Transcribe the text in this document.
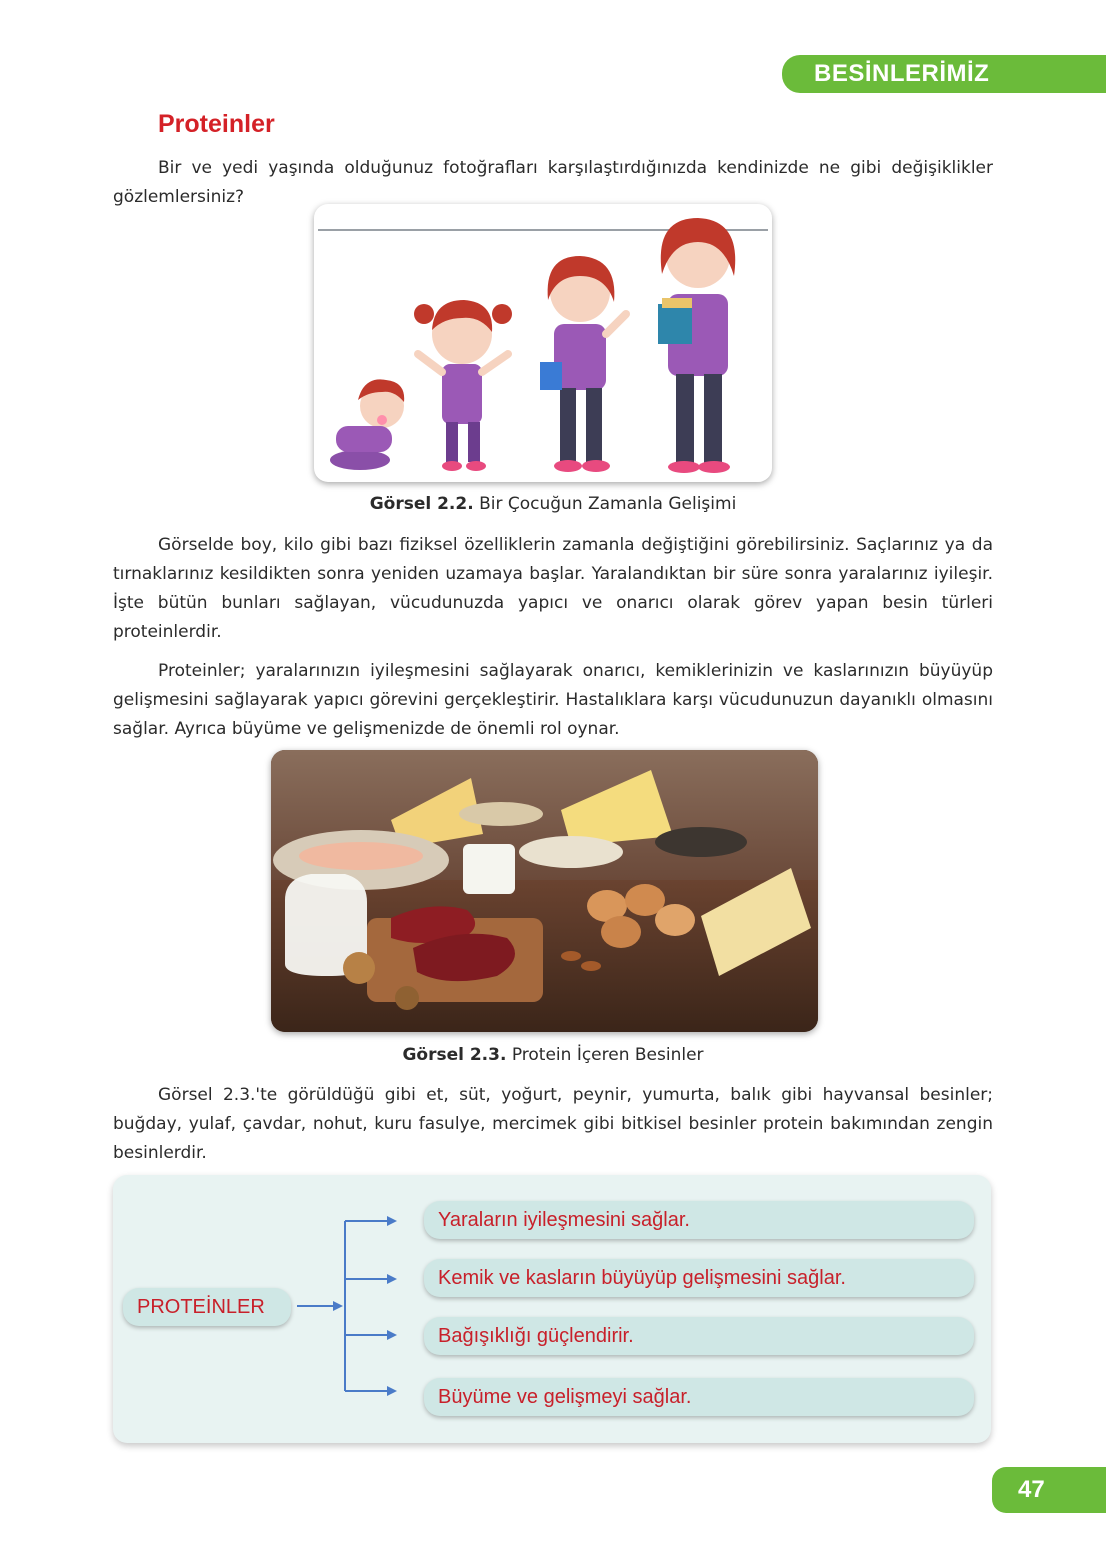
BESİNLERİMİZ
Proteinler

Bir ve yedi yaşında olduğunuz fotoğrafları karşılaştırdığınızda kendinizde ne gibi değişiklikler gözlemlersiniz?

Görsel 2.2. Bir Çocuğun Zamanla Gelişimi

Görselde boy, kilo gibi bazı fiziksel özelliklerin zamanla değiştiğini görebilirsiniz. Saçlarınız ya da tırnaklarınız kesildikten sonra yeniden uzamaya başlar. Yaralandıktan bir süre sonra yaralarınız iyileşir. İşte bütün bunları sağlayan, vücudunuzda yapıcı ve onarıcı olarak görev yapan besin türleri proteinlerdir.

Proteinler; yaralarınızın iyileşmesini sağlayarak onarıcı, kemiklerinizin ve kaslarınızın büyüyüp gelişmesini sağlayarak yapıcı görevini gerçekleştirir. Hastalıklara karşı vücudunuzun dayanıklı olmasını sağlar. Ayrıca büyüme ve gelişmenizde de önemli rol oynar.

Görsel 2.3. Protein İçeren Besinler

Görsel 2.3.'te görüldüğü gibi et, süt, yoğurt, peynir, yumurta, balık gibi hayvansal besinler; buğday, yulaf, çavdar, nohut, kuru fasulye, mercimek gibi bitkisel besinler protein bakımından zengin besinlerdir.

PROTEİNLER
Yaraların iyileşmesini sağlar.
Kemik ve kasların büyüyüp gelişmesini sağlar.
Bağışıklığı güçlendirir.
Büyüme ve gelişmeyi sağlar.
47
